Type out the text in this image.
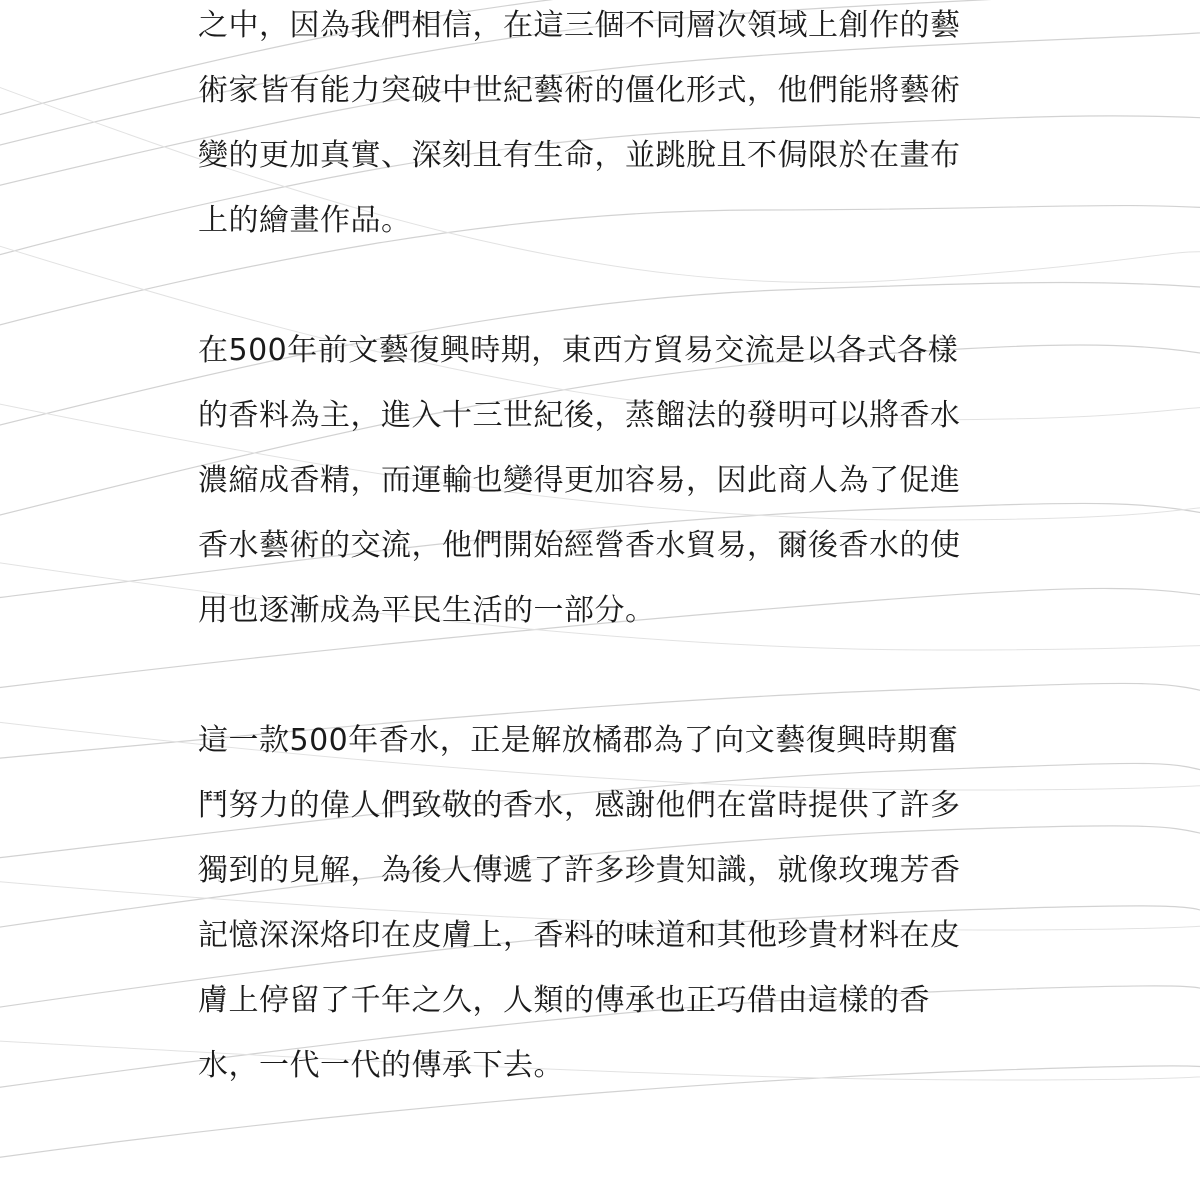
之中，因為我們相信，在這三個不同層次領域上創作的藝
術家皆有能力突破中世紀藝術的僵化形式，他們能將藝術
變的更加真實、深刻且有生命，並跳脫且不侷限於在畫布
上的繪畫作品。

在500年前文藝復興時期，東西方貿易交流是以各式各樣
的香料為主，進入十三世紀後，蒸餾法的發明可以將香水
濃縮成香精，而運輸也變得更加容易，因此商人為了促進
香水藝術的交流，他們開始經營香水貿易，爾後香水的使
用也逐漸成為平民生活的一部分。

這一款500年香水，正是解放橘郡為了向文藝復興時期奮
鬥努力的偉人們致敬的香水，感謝他們在當時提供了許多
獨到的見解，為後人傳遞了許多珍貴知識，就像玫瑰芳香
記憶深深烙印在皮膚上，香料的味道和其他珍貴材料在皮
膚上停留了千年之久，人類的傳承也正巧借由這樣的香
水，一代一代的傳承下去。
